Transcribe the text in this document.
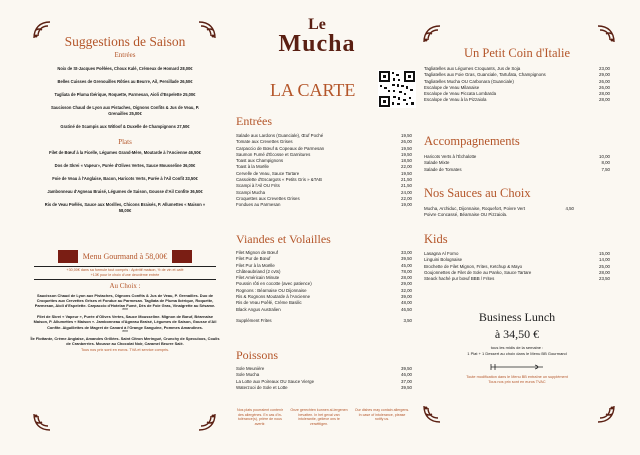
Suggestions de Saison
Entrées
Noix de St-Jacques Poêlées, Choux Kalé, Crémeux de Homard 28,00€
Belles Cuisses de Grenouilles Rôties au Beurre, Ail, Persillade 26,50€
Tagliata de Pluma Ibérique, Roquette, Parmesan, Aioli d'Espelette 25,00€
Saucisson Chaud de Lyon aux Pistaches, Oignons Confits & Jus de Veau, P. Grenailles 25,00€
Gratiné de Scampis aux Witloof & Duxelle de Champignons 27,50€
Plats
Filet de Bœuf à la Ficelle, Légumes Grand-Mère, Moutarde à l'Ancienne 46,50€
Dos de Skrei « Vapeur», Purée d'Olives Vertes, Sauce Mousseline 36,00€
Foie de Veau à l'Anglaise, Bacon, Haricots Verts, Purée à l'Ail Confit 33,50€
Jambonneau d'Agneau Braisé, Légumes de Saison, Gousse d'Ail Confite 36,50€
Ris de Veau Poêlés, Sauce aux Morilles, Chicons Braisés, P. Allumettes « Maison » 58,00€
Menu Gourmand à 58,00€
+30,00€ dans sa formule tout compris : Apéritif maison, ½ de vin et café
+13€ pour le choix d'une deuxième entrée
Au Choix :
Saucisson Chaud de Lyon aux Pistaches, Oignons Confits & Jus de Veau, P. Grenailles. Duo de Croquettes aux Crevettes Grises et Fondue au Parmesan. Tagliata de Pluma Ibérique, Roquette, Parmesan, Aioli d'Espelette. Carpaccio d'Hotelan Fumé, Dés de Foie Gras, Vinaigrette au Sésame.
***
Filet de Skrei « Vapeur », Purée d'Olives Vertes, Sauce Mousseline. Mignon de Bœuf, Béarnaise Maison, P. Allumettes « Maison ». Jambonneau d'Agneau Braisé, Légumes de Saison, Gousse d'Ail Confite. Aiguillettes de Magret de Canard à l'Orange Sanguine, Pommes Amandines.
***
Île Flottante, Crème Anglaise, Amandes Grillées. Saint Citron Meringué, Crunchy de Speculoos, Coulis de Cranberries. Mousse au Chocolat Noir, Caramel Beurre Salé.
Tous nos prix sont en euros. TVA et service compris.
Le
Mucha
LA CARTE
Entrées
Salade aux Lardons (Guanciale), Œuf Poché	19,50
Tomate aux Crevettes Grises	26,00
Carpaccio de Bœuf & Copeaux de Parmesan	19,50
Saumon Fumé d'Écosse et Garnitures	19,50
Toast aux Champignons	18,50
Toast à la Moëlle	22,00
Cervelle de Veau, Sauce Tartare	19,50
Cassolette d'Escargots « Petits Gris » &TAB	21,50
Scampi à l'Ail OU Frits	21,50
Scampi Mucha	24,00
Croquettes aux Crevettes Grises	22,00
Fondues au Parmesan	19,00
Viandes et Volailles
Filet Mignon de Bœuf	33,00
Filet Pur de Bœuf	39,50
Filet Pur à la Moëlle	45,00
Châteaubriand (2 cvts)	78,00
Filet Américain Minute	28,00
Poussin rôti en cocotte (avec patience)	29,00
Rognons : Béarnaise OU Dijonnaise	32,00
Ris & Rognons Moutarde à l'Ancienne	39,00
Ris de Veau Poêlé, Crème Basilic	48,00
Black Angus Australien	46,50
Supplément Frites	3,50
Poissons
Sole Meunière	39,50
Sole Mucha	46,00
La Lotte aux Poireaux OU Sauce Vierge	37,00
Waterzooi de Sole et Lotte	39,50
Nos plats pourraient contenir des allergènes. En cas d'in-tolérance(s), prière de nous avertir.
Onze gerechten kunnen al-lergenen bevatten. In het geval van intolerantie, gelieve ons te verwittigen.
Our dishes may contain allergens. In case of intolerance, please notify us.
Un Petit Coin d'Italie
Tagliatelles aux Légumes Croquants, Jus de Soja	23,00
Tagliatelles aux Foie Gras, Guanciale, Tartufata, Champignons	29,00
Tagliatelles Mucha OU Carbonara (Guanciale)	26,00
Escalope de Veau Milanaise	26,00
Escalope de Veau Piccata Lombarda	28,00
Escalope de Veau à la Pizzaiola	28,00
Accompagnements
Haricots Verts à l'Échalotte	10,00
Salade Mixte	8,00
Salade de Tomates	7,50
Nos Sauces au Choix
Mucha, Archiduc, Dijonnaise, Roquefort, Poivre Vert	4,50
Poivre Concassé, Béarnaise OU Pizzaiola.
Kids
Lasagna Al Forno	15,00
Linguini Bolognaise	14,00
Brochette de Filet Mignon, Frites, Ketchup & Mayo	25,00
Goujonnettes de Filet de Sole au Panko, Sauce Tartare	28,00
Steack haché pur bœuf BBB / Frites	23,50
Business Lunch
à 34,50 €
tous les midis de la semaine :
1 Plat + 1 Dessert au choix dans le Menu BB Gourmand
Toute modification dans le Menu BB entraîne un supplément
Tous nos prix sont en euros TVAC
